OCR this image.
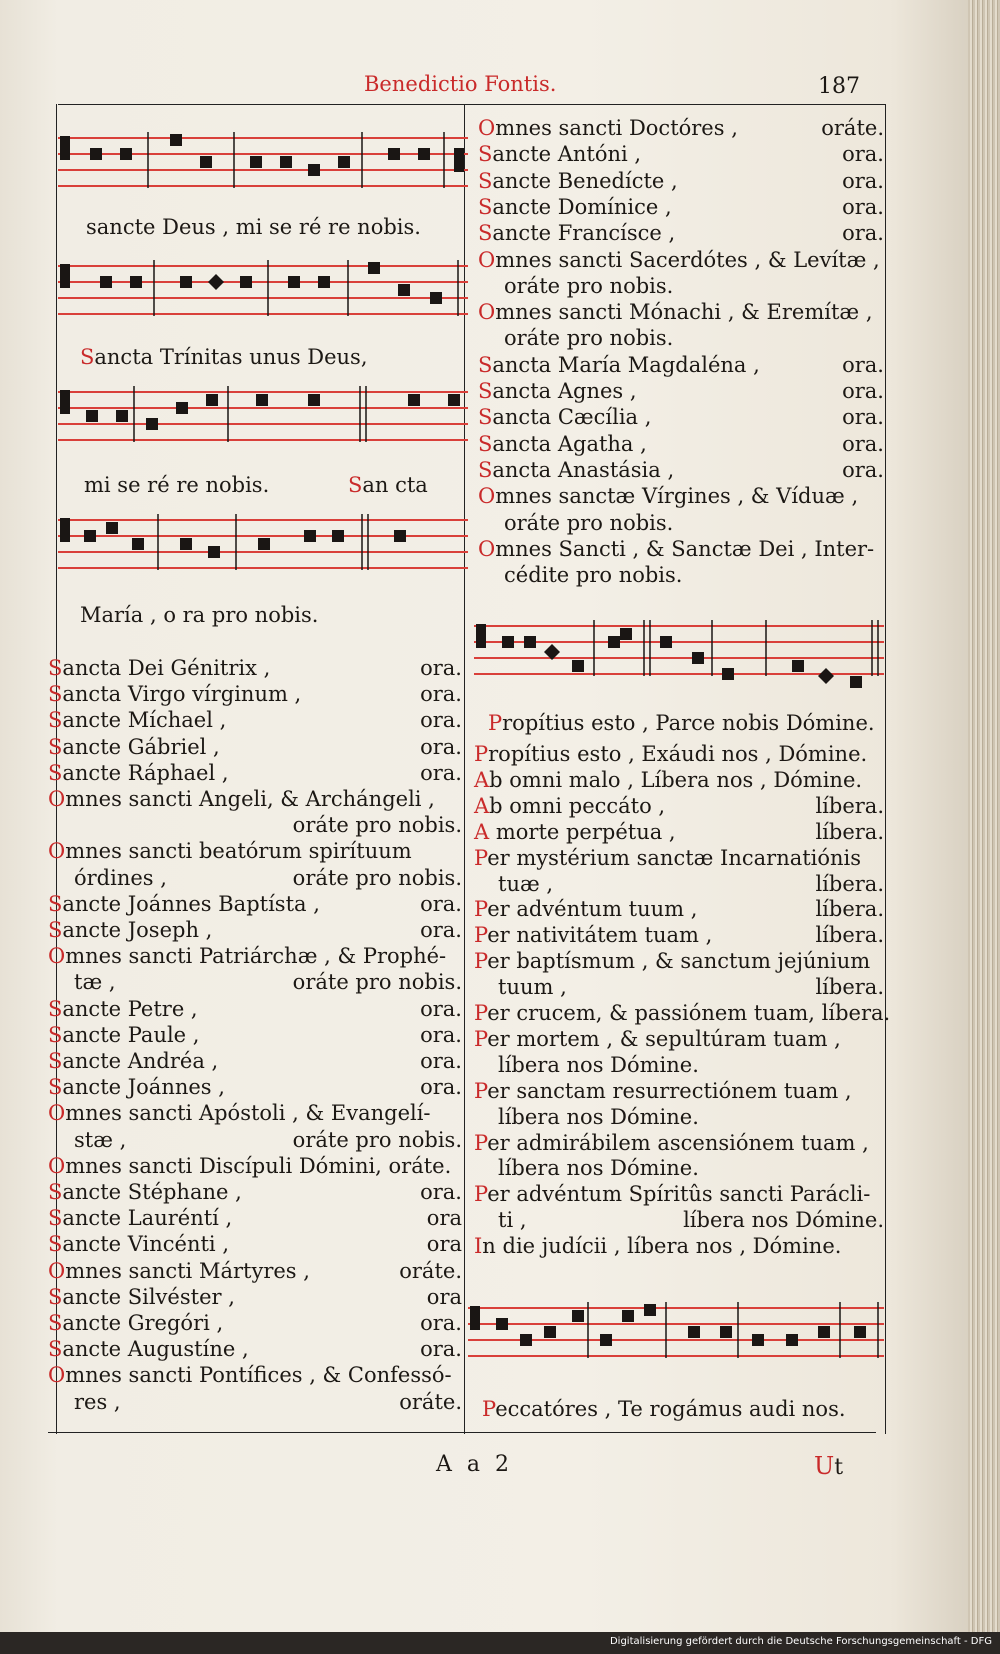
Benedictio Fontis.	187
sancte Deus , mi se ré re nobis.
Sancta Trínitas unus Deus,
mi se ré re nobis.	San cta
María , o ra pro nobis.
Sancta Dei Génitrix ,	ora.
Sancta Virgo vírginum ,	ora.
Sancte Míchael ,	ora.
Sancte Gábriel ,	ora.
Sancte Ráphael ,	ora.
Omnes sancti Angeli, & Archángeli ,
oráte pro nobis.
Omnes sancti beatórum spirítuum
órdines ,	oráte pro nobis.
Sancte Joánnes Baptísta ,	ora.
Sancte Joseph ,	ora.
Omnes sancti Patriárchæ , & Prophé-
tæ ,	oráte pro nobis.
Sancte Petre ,	ora.
Sancte Paule ,	ora.
Sancte Andréa ,	ora.
Sancte Joánnes ,	ora.
Omnes sancti Apóstoli , & Evangelí-
stæ ,	oráte pro nobis.
Omnes sancti Discípuli Dómini, oráte.
Sancte Stéphane ,	ora.
Sancte Lauréntí ,	ora
Sancte Vincénti ,	ora
Omnes sancti Mártyres ,	oráte.
Sancte Silvéster ,	ora
Sancte Gregóri ,	ora.
Sancte Augustíne ,	ora.
Omnes sancti Pontífices , & Confessó-
res ,	oráte.
Omnes sancti Doctóres ,	oráte.
Sancte Antóni ,	ora.
Sancte Benedícte ,	ora.
Sancte Domínice ,	ora.
Sancte Francísce ,	ora.
Omnes sancti Sacerdótes , & Levítæ ,
oráte pro nobis.
Omnes sancti Mónachi , & Eremítæ ,
oráte pro nobis.
Sancta María Magdaléna ,	ora.
Sancta Agnes ,	ora.
Sancta Cæcília ,	ora.
Sancta Agatha ,	ora.
Sancta Anastásia ,	ora.
Omnes sanctæ Vírgines , & Víduæ ,
oráte pro nobis.
Omnes Sancti , & Sanctæ Dei , Inter-
cédite pro nobis.
Propítius esto , Parce nobis Dómine.
Propítius esto , Exáudi nos , Dómine.
Ab omni malo , Líbera nos , Dómine.
Ab omni peccáto ,	líbera.
A morte perpétua ,	líbera.
Per mystérium sanctæ Incarnatiónis
tuæ ,	líbera.
Per advéntum tuum ,	líbera.
Per nativitátem tuam ,	líbera.
Per baptísmum , & sanctum jejúnium
tuum ,	líbera.
Per crucem, & passiónem tuam, líbera.
Per mortem , & sepultúram tuam ,
líbera nos Dómine.
Per sanctam resurrectiónem tuam ,
líbera nos Dómine.
Per admirábilem ascensiónem tuam ,
líbera nos Dómine.
Per advéntum Spíritûs sancti Parácli-
ti ,	líbera nos Dómine.
In die judícii , líbera nos , Dómine.
Peccatóres , Te rogámus audi nos.
A a 2	Ut
Digitalisierung gefördert durch die Deutsche Forschungsgemeinschaft - DFG
